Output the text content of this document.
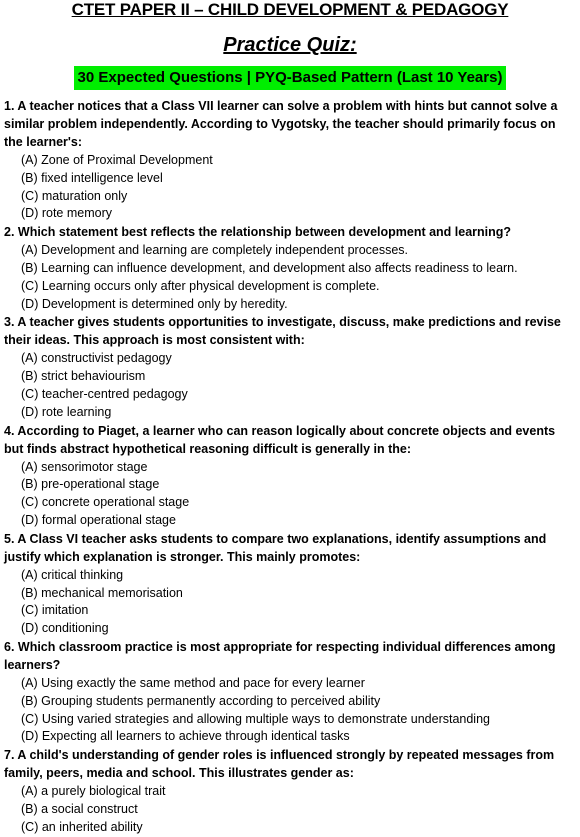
CTET PAPER II – CHILD DEVELOPMENT & PEDAGOGY
Practice Quiz:
30 Expected Questions | PYQ-Based Pattern (Last 10 Years)

1. A teacher notices that a Class VII learner can solve a problem with hints but cannot solve a similar problem independently. According to Vygotsky, the teacher should primarily focus on the learner's:

(A) Zone of Proximal Development
(B) fixed intelligence level
(C) maturation only
(D) rote memory

2. Which statement best reflects the relationship between development and learning?

(A) Development and learning are completely independent processes.
(B) Learning can influence development, and development also affects readiness to learn.
(C) Learning occurs only after physical development is complete.
(D) Development is determined only by heredity.

3. A teacher gives students opportunities to investigate, discuss, make predictions and revise their ideas. This approach is most consistent with:

(A) constructivist pedagogy
(B) strict behaviourism
(C) teacher-centred pedagogy
(D) rote learning

4. According to Piaget, a learner who can reason logically about concrete objects and events but finds abstract hypothetical reasoning difficult is generally in the:

(A) sensorimotor stage
(B) pre-operational stage
(C) concrete operational stage
(D) formal operational stage

5. A Class VI teacher asks students to compare two explanations, identify assumptions and justify which explanation is stronger. This mainly promotes:

(A) critical thinking
(B) mechanical memorisation
(C) imitation
(D) conditioning

6. Which classroom practice is most appropriate for respecting individual differences among learners?

(A) Using exactly the same method and pace for every learner
(B) Grouping students permanently according to perceived ability
(C) Using varied strategies and allowing multiple ways to demonstrate understanding
(D) Expecting all learners to achieve through identical tasks

7. A child's understanding of gender roles is influenced strongly by repeated messages from family, peers, media and school. This illustrates gender as:

(A) a purely biological trait
(B) a social construct
(C) an inherited ability
